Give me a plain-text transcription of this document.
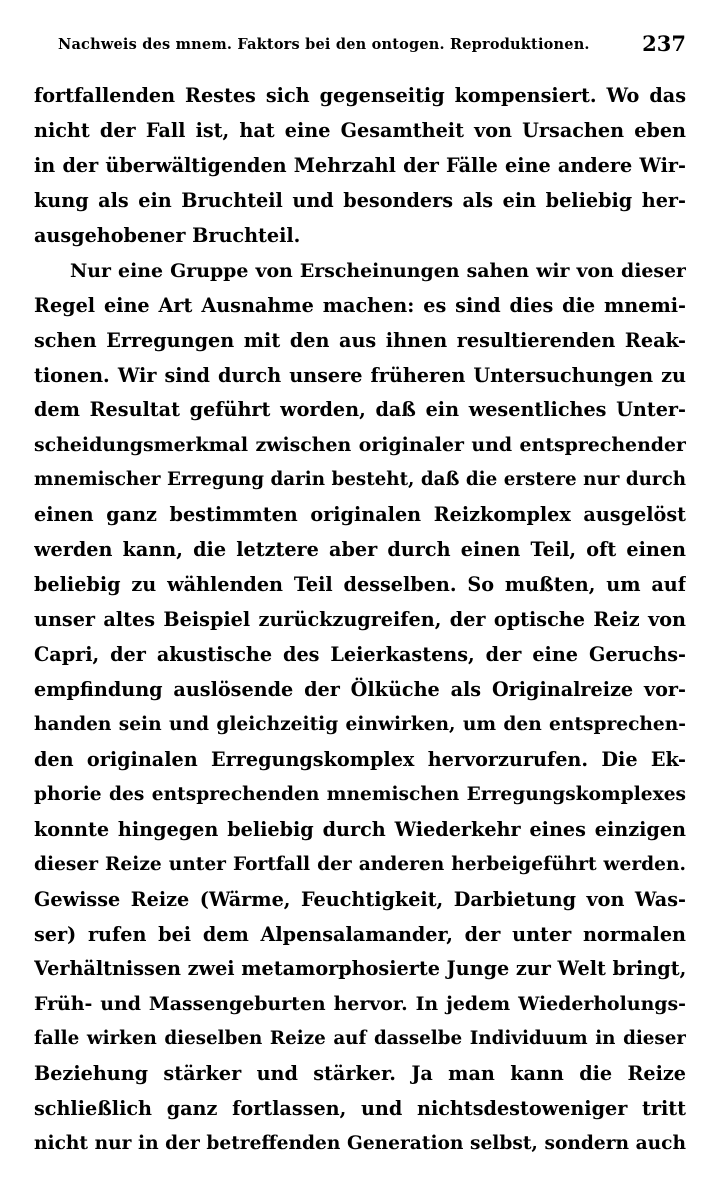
Nachweis des mnem. Faktors bei den ontogen. Reproduktionen. 237
fortfallenden Restes sich gegenseitig kompensiert. Wo das
nicht der Fall ist, hat eine Gesamtheit von Ursachen eben
in der überwältigenden Mehrzahl der Fälle eine andere Wir-
kung als ein Bruchteil und besonders als ein beliebig her-
ausgehobener Bruchteil.
Nur eine Gruppe von Erscheinungen sahen wir von dieser
Regel eine Art Ausnahme machen: es sind dies die mnemi-
schen Erregungen mit den aus ihnen resultierenden Reak-
tionen. Wir sind durch unsere früheren Untersuchungen zu
dem Resultat geführt worden, daß ein wesentliches Unter-
scheidungsmerkmal zwischen originaler und entsprechender
mnemischer Erregung darin besteht, daß die erstere nur durch
einen ganz bestimmten originalen Reizkomplex ausgelöst
werden kann, die letztere aber durch einen Teil, oft einen
beliebig zu wählenden Teil desselben. So mußten, um auf
unser altes Beispiel zurückzugreifen, der optische Reiz von
Capri, der akustische des Leierkastens, der eine Geruchs-
empfindung auslösende der Ölküche als Originalreize vor-
handen sein und gleichzeitig einwirken, um den entsprechen-
den originalen Erregungskomplex hervorzurufen. Die Ek-
phorie des entsprechenden mnemischen Erregungskomplexes
konnte hingegen beliebig durch Wiederkehr eines einzigen
dieser Reize unter Fortfall der anderen herbeigeführt werden.
Gewisse Reize (Wärme, Feuchtigkeit, Darbietung von Was-
ser) rufen bei dem Alpensalamander, der unter normalen
Verhältnissen zwei metamorphosierte Junge zur Welt bringt,
Früh- und Massengeburten hervor. In jedem Wiederholungs-
falle wirken dieselben Reize auf dasselbe Individuum in dieser
Beziehung stärker und stärker. Ja man kann die Reize
schließlich ganz fortlassen, und nichtsdestoweniger tritt
nicht nur in der betreffenden Generation selbst, sondern auch
